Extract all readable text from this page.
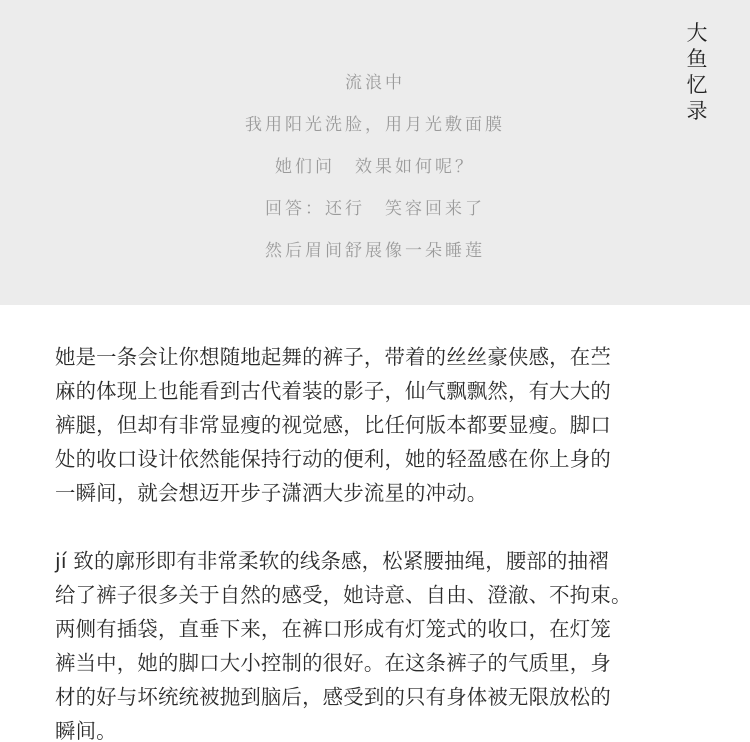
流浪中
我用阳光洗脸，用月光敷面膜
她们问　效果如何呢？
回答：还行　笑容回来了
然后眉间舒展像一朵睡莲
大
鱼
忆
录
她是一条会让你想随地起舞的裤子，带着的丝丝豪侠感，在苎
麻的体现上也能看到古代着装的影子，仙气飘飘然，有大大的
裤腿，但却有非常显瘦的视觉感，比任何版本都要显瘦。脚口
处的收口设计依然能保持行动的便利，她的轻盈感在你上身的
一瞬间，就会想迈开步子潇洒大步流星的冲动。
jí 致的廓形即有非常柔软的线条感，松紧腰抽绳，腰部的抽褶
给了裤子很多关于自然的感受，她诗意、自由、澄澈、不拘束。
两侧有插袋，直垂下来，在裤口形成有灯笼式的收口，在灯笼
裤当中，她的脚口大小控制的很好。在这条裤子的气质里，身
材的好与坏统统被抛到脑后，感受到的只有身体被无限放松的
瞬间。
